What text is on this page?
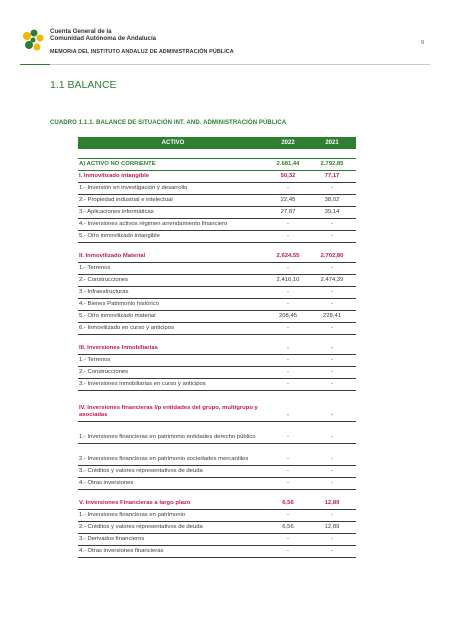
Cuenta General de la
Comunidad Autónoma de Andalucía
MEMORIA DEL INSTITUTO ANDALUZ DE ADMINISTRACIÓN PÚBLICA
9
1.1 BALANCE
CUADRO 1.1.1. BALANCE DE SITUACIÓN INT. AND. ADMINISTRACIÓN PÚBLICA
ACTIVO	2022	2021
A) ACTIVO NO CORRIENTE	2.681,44	2.792,85
I. Inmovilizado intangible	50,32	77,17
1.- Inversión en investigación y desarrollo	-	-
2.- Propiedad industrial e intelectual	22,45	38,02
3.- Aplicaciones informáticas	27,87	39,14
4.- Inversiones activos régimen arrendamiento financiero	-	-
5.- Otro inmovilizado intangible	-	-
II. Inmovilizado Material	2.624,55	2.702,80
1.- Terrenos	-	-
2.- Construcciones	2.416,10	2.474,39
3.- Infraestructuras	-	-
4.- Bienes Patrimonio histórico	-	-
5.- Otro inmovilizado material	208,45	228,41
6.- Inmovilizado en curso y anticipos	-	-
III. Inversiones Inmobiliarias	-	-
1.- Terrenos	-	-
2.- Construcciones	-	-
3.- Inversiones inmobiliarias en curso y anticipos	-	-
IV. Inversiones financieras l/p entidades del grupo, multigrupo y asociadas	-	-
1.- Inversiones financieras en patrimonio entidades derecho público	-	-
2.- Inversiones financieras en patrimonio sociedades mercantiles	-	-
3.- Créditos y valores representativos de deuda	-	-
4.- Otras inversiones	-	-
V. Inversiones Financieras a largo plazo	6,56	12,89
1.- Inversiones financieras en patrimonio	-	-
2.- Créditos y valores representativos de deuda	6,56	12,89
3.- Derivados financieros	-	-
4.- Otras inversiones financieras	-	-
